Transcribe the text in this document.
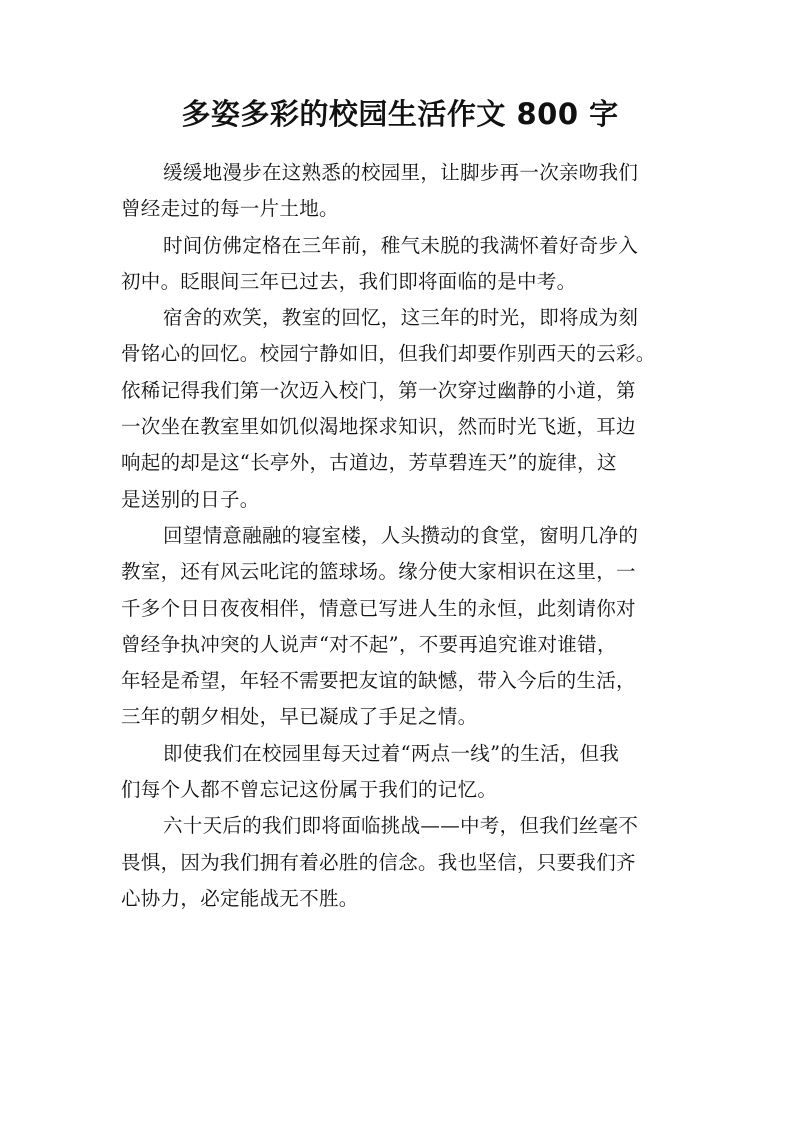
多姿多彩的校园生活作文 800 字
缓缓地漫步在这熟悉的校园里，让脚步再一次亲吻我们
曾经走过的每一片土地。
时间仿佛定格在三年前，稚气未脱的我满怀着好奇步入
初中。眨眼间三年已过去，我们即将面临的是中考。
宿舍的欢笑，教室的回忆，这三年的时光，即将成为刻
骨铭心的回忆。校园宁静如旧，但我们却要作别西天的云彩。
依稀记得我们第一次迈入校门，第一次穿过幽静的小道，第
一次坐在教室里如饥似渴地探求知识，然而时光飞逝，耳边
响起的却是这“长亭外，古道边，芳草碧连天”的旋律，这
是送别的日子。
回望情意融融的寝室楼，人头攒动的食堂，窗明几净的
教室，还有风云叱诧的篮球场。缘分使大家相识在这里，一
千多个日日夜夜相伴，情意已写进人生的永恒，此刻请你对
曾经争执冲突的人说声“对不起”，不要再追究谁对谁错，
年轻是希望，年轻不需要把友谊的缺憾，带入今后的生活，
三年的朝夕相处，早已凝成了手足之情。
即使我们在校园里每天过着“两点一线”的生活，但我
们每个人都不曾忘记这份属于我们的记忆。
六十天后的我们即将面临挑战——中考，但我们丝毫不
畏惧，因为我们拥有着必胜的信念。我也坚信，只要我们齐
心协力，必定能战无不胜。
